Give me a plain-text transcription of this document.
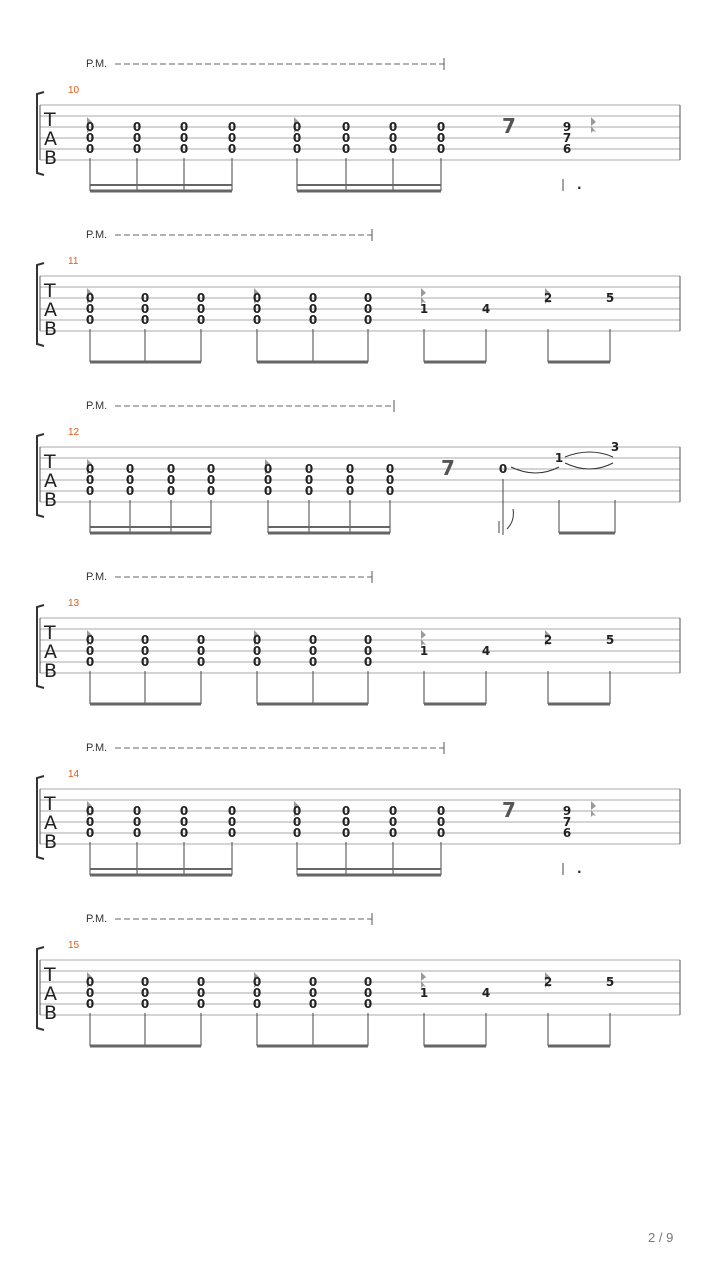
P.M.
10
T
A
B
0
0
0
0
0
0
0
0
0
0
0
0
0
0
0
0
0
0
0
0
0
0
0
0
7	9
7
6
.
P.M.
11
T
A
B
0
0
0
0
0
0
0
0
0
0
0
0
0
0
0
0
0
0
1	4
2	5
P.M.
12
T
A
B
0
0
0
0
0
0
0
0
0
0
0
0
0
0
0
0
0
0
0
0
0
0
0
0
7	0
1
3
P.M.
13
T
A
B
0
0
0
0
0
0
0
0
0
0
0
0
0
0
0
0
0
0
1	4
2	5
P.M.
14
T
A
B
0
0
0
0
0
0
0
0
0
0
0
0
0
0
0
0
0
0
0
0
0
0
0
0
7	9
7
6
.
P.M.
15
T
A
B
0
0
0
0
0
0
0
0
0
0
0
0
0
0
0
0
0
0
1	4
2	5
2 / 9
